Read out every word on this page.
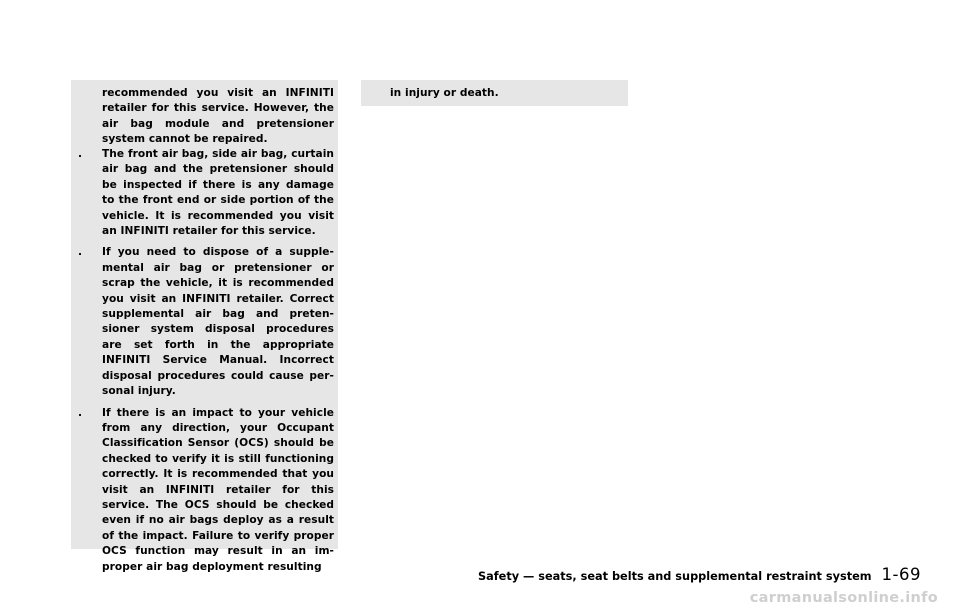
recommended you visit an INFINITI retailer for this service. However, the air bag module and pretensioner system cannot be repaired.
.	The front air bag, side air bag, curtain air bag and the pretensioner should be inspected if there is any damage to the front end or side portion of the vehicle. It is recommended you visit an INFINITI retailer for this service.
.	If you need to dispose of a supple-mental air bag or pretensioner or scrap the vehicle, it is recommended you visit an INFINITI retailer. Correct supplemental air bag and preten-sioner system disposal procedures are set forth in the appropriate INFINITI Service Manual. Incorrect disposal procedures could cause per-sonal injury.
.	If there is an impact to your vehicle from any direction, your Occupant Classification Sensor (OCS) should be checked to verify it is still functioning correctly. It is recommended that you visit an INFINITI retailer for this service. The OCS should be checked even if no air bags deploy as a result of the impact. Failure to verify proper OCS function may result in an im-proper air bag deployment resulting
in injury or death.
Safety — seats, seat belts and supplemental restraint system 1-69
carmanualsonline.info
